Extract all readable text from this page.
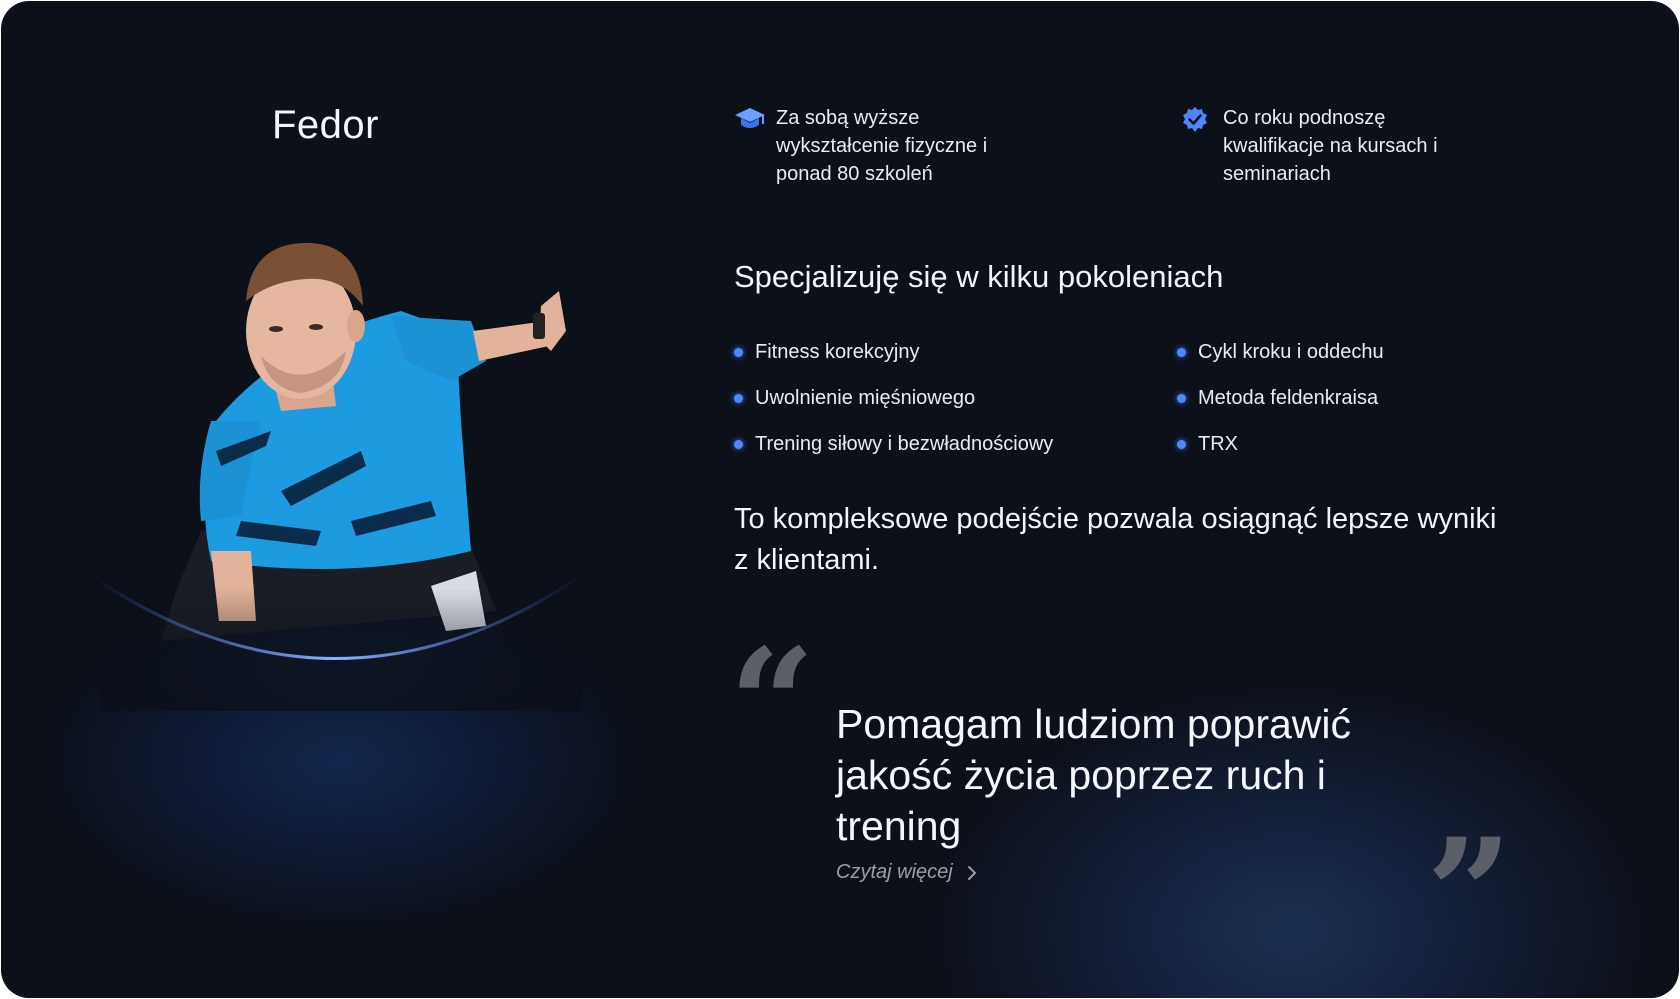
Fedor	Za sobą wyższe wykształcenie fizyczne i ponad 80 szkoleń
Co roku podnoszę kwalifikacje na kursach i seminariach
Specjalizuję się w kilku pokoleniach
Fitness korekcyjny
Uwolnienie mięśniowego
Trening siłowy i bezwładnościowy
Cykl kroku i oddechu
Metoda feldenkraisa
TRX
To kompleksowe podejście pozwala osiągnąć lepsze wyniki z klientami.
“ Pomagam ludziom poprawić jakość życia poprzez ruch i trening
Czytaj więcej	”
